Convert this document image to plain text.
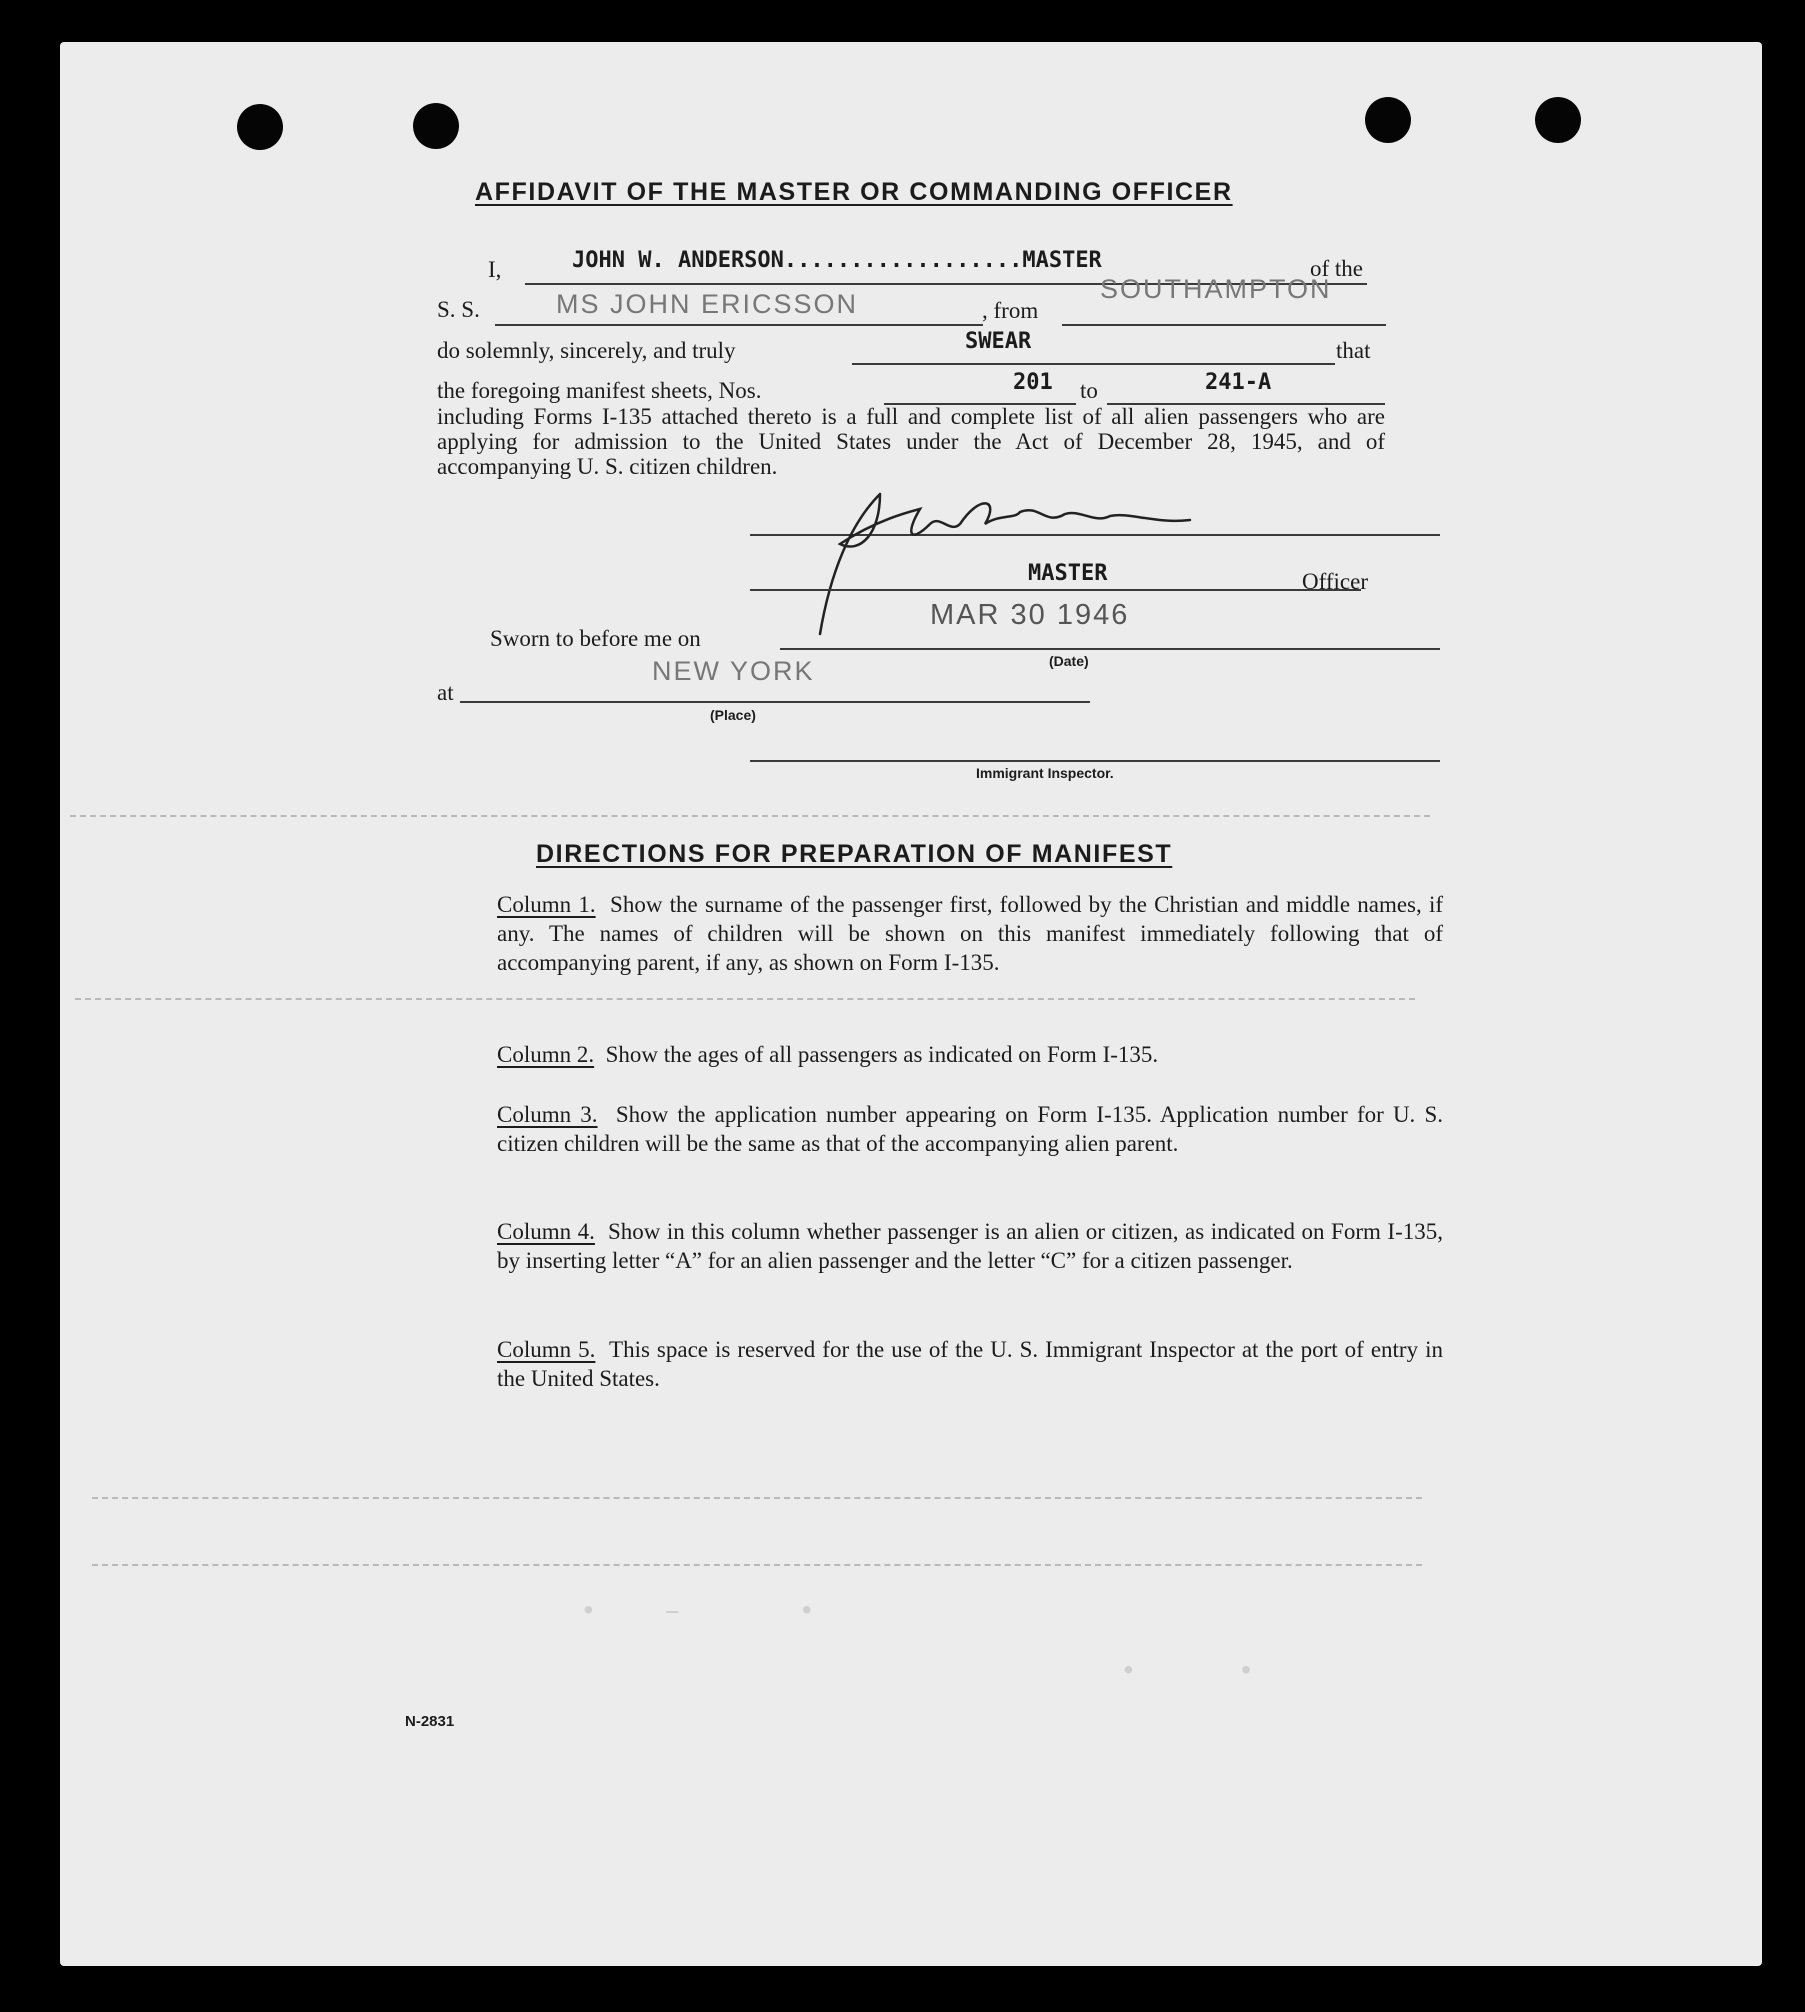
•    –       •
•      •
AFFIDAVIT OF THE MASTER OR COMMANDING OFFICER
I,	JOHN W. ANDERSON..................MASTER	of the
S. S.	MS JOHN ERICSSON	, from
SOUTHAMPTON
do solemnly, sincerely, and truly	SWEAR	that
the foregoing manifest sheets, Nos.	201 to	241-A
including Forms I-135 attached thereto is a full and complete list of all alien passengers who are applying for admission to the United States under the Act of December 28, 1945, and of accompanying U. S. citizen children.
MASTER	Officer
Sworn to before me on
MAR 30 1946
(Date)
at
NEW YORK
(Place)
Immigrant Inspector.
DIRECTIONS FOR PREPARATION OF MANIFEST
Column 1. Show the surname of the passenger first, followed by the Christian and middle names, if any. The names of children will be shown on this manifest immediately following that of accompanying parent, if any, as shown on Form I-135.
Column 2. Show the ages of all passengers as indicated on Form I-135.
Column 3. Show the application number appearing on Form I-135. Application number for U. S. citizen children will be the same as that of the accompanying alien parent.
Column 4. Show in this column whether passenger is an alien or citizen, as indicated on Form I-135, by inserting letter “A” for an alien passenger and the letter “C” for a citizen passenger.
Column 5. This space is reserved for the use of the U. S. Immigrant Inspector at the port of entry in the United States.
N-2831
